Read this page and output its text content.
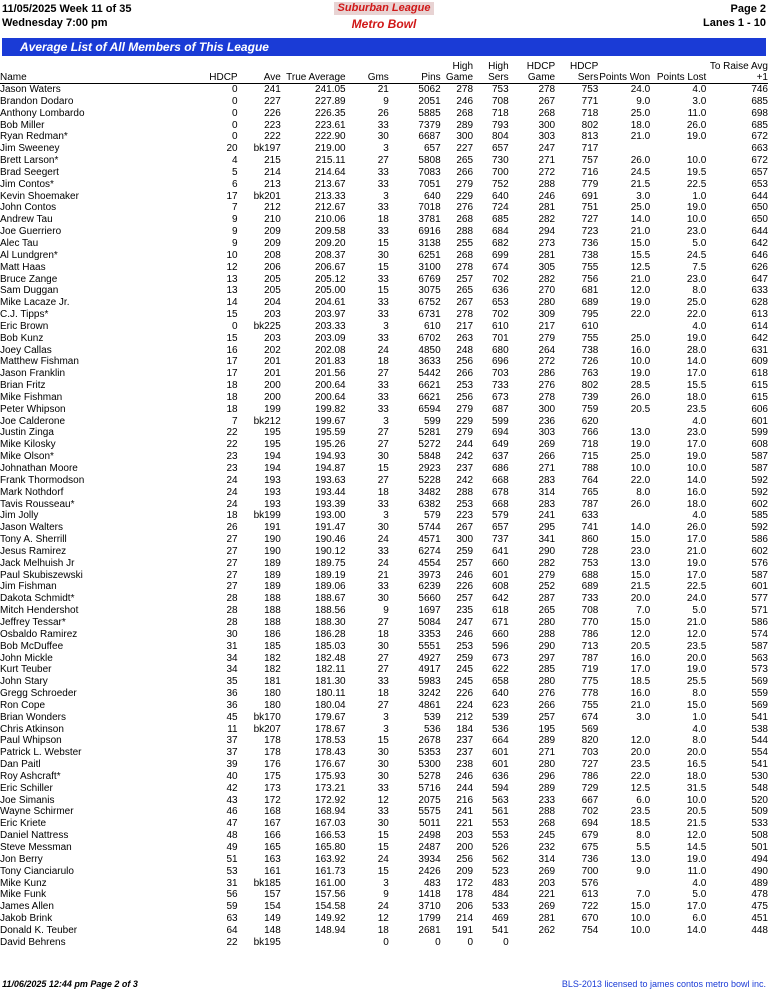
11/05/2025 Week 11 of 35
Wednesday 7:00 pm
Suburban League
Metro Bowl
Page 2
Lanes 1 - 10
Average List of All Members of This League
Name	HDCP	Ave	True Average	Gms	Pins	High Game	High Sers	HDCP Game	HDCP Sers	Points Won	Points Lost	To Raise Avg +1
Jason Waters	0	241	241.05	21	5062	278	753	278	753	24.0	4.0	746
Brandon Dodaro	0	227	227.89	9	2051	246	708	267	771	9.0	3.0	685
Anthony Lombardo	0	226	226.35	26	5885	268	718	268	718	25.0	11.0	698
Bob Miller	0	223	223.61	33	7379	289	793	300	802	18.0	26.0	685
Ryan Redman*	0	222	222.90	30	6687	300	804	303	813	21.0	19.0	672
Jim Sweeney	20	bk197	219.00	3	657	227	657	247	717			663
Brett Larson*	4	215	215.11	27	5808	265	730	271	757	26.0	10.0	672
Brad Seegert	5	214	214.64	33	7083	266	700	272	716	24.5	19.5	657
Jim Contos*	6	213	213.67	33	7051	279	752	288	779	21.5	22.5	653
Kevin Shoemaker	17	bk201	213.33	3	640	229	640	246	691	3.0	1.0	644
John Contos	7	212	212.67	33	7018	276	724	281	751	25.0	19.0	650
Andrew Tau	9	210	210.06	18	3781	268	685	282	727	14.0	10.0	650
Joe Guerriero	9	209	209.58	33	6916	288	684	294	723	21.0	23.0	644
Alec Tau	9	209	209.20	15	3138	255	682	273	736	15.0	5.0	642
Al Lundgren*	10	208	208.37	30	6251	268	699	281	738	15.5	24.5	646
Matt Haas	12	206	206.67	15	3100	278	674	305	755	12.5	7.5	626
Bruce Zange	13	205	205.12	33	6769	257	702	282	756	21.0	23.0	647
Sam Duggan	13	205	205.00	15	3075	265	636	270	681	12.0	8.0	633
Mike Lacaze Jr.	14	204	204.61	33	6752	267	653	280	689	19.0	25.0	628
C.J. Tipps*	15	203	203.97	33	6731	278	702	309	795	22.0	22.0	613
Eric Brown	0	bk225	203.33	3	610	217	610	217	610		4.0	614
Bob Kunz	15	203	203.09	33	6702	263	701	279	755	25.0	19.0	642
Joey Callas	16	202	202.08	24	4850	248	680	264	738	16.0	28.0	631
Matthew Fishman	17	201	201.83	18	3633	256	696	272	726	10.0	14.0	609
Jason Franklin	17	201	201.56	27	5442	266	703	286	763	19.0	17.0	618
Brian Fritz	18	200	200.64	33	6621	253	733	276	802	28.5	15.5	615
Mike Fishman	18	200	200.64	33	6621	256	673	278	739	26.0	18.0	615
Peter Whipson	18	199	199.82	33	6594	279	687	300	759	20.5	23.5	606
Joe Calderone	7	bk212	199.67	3	599	229	599	236	620		4.0	601
Justin Zinga	22	195	195.59	27	5281	279	694	303	766	13.0	23.0	599
Mike Kilosky	22	195	195.26	27	5272	244	649	269	718	19.0	17.0	608
Mike Olson*	23	194	194.93	30	5848	242	637	266	715	25.0	19.0	587
Johnathan Moore	23	194	194.87	15	2923	237	686	271	788	10.0	10.0	587
Frank Thormodson	24	193	193.63	27	5228	242	668	283	764	22.0	14.0	592
Mark Nothdorf	24	193	193.44	18	3482	288	678	314	765	8.0	16.0	592
Tavis Rousseau*	24	193	193.39	33	6382	253	668	283	787	26.0	18.0	602
Jim Jolly	18	bk199	193.00	3	579	223	579	241	633		4.0	585
Jason Walters	26	191	191.47	30	5744	267	657	295	741	14.0	26.0	592
Tony A. Sherrill	27	190	190.46	24	4571	300	737	341	860	15.0	17.0	586
Jesus Ramirez	27	190	190.12	33	6274	259	641	290	728	23.0	21.0	602
Jack Melhuish Jr	27	189	189.75	24	4554	257	660	282	753	13.0	19.0	576
Paul Skubiszewski	27	189	189.19	21	3973	246	601	279	688	15.0	17.0	587
Jim Fishman	27	189	189.06	33	6239	226	608	252	689	21.5	22.5	601
Dakota Schmidt*	28	188	188.67	30	5660	257	642	287	733	20.0	24.0	577
Mitch Hendershot	28	188	188.56	9	1697	235	618	265	708	7.0	5.0	571
Jeffrey Tessar*	28	188	188.30	27	5084	247	671	280	770	15.0	21.0	586
Osbaldo Ramirez	30	186	186.28	18	3353	246	660	288	786	12.0	12.0	574
Bob McDuffee	31	185	185.03	30	5551	253	596	290	713	20.5	23.5	587
John Mickle	34	182	182.48	27	4927	259	673	297	787	16.0	20.0	563
Kurt Teuber	34	182	182.11	27	4917	245	622	285	719	17.0	19.0	573
John Stary	35	181	181.30	33	5983	245	658	280	775	18.5	25.5	569
Gregg Schroeder	36	180	180.11	18	3242	226	640	276	778	16.0	8.0	559
Ron Cope	36	180	180.04	27	4861	224	623	266	755	21.0	15.0	569
Brian Wonders	45	bk170	179.67	3	539	212	539	257	674	3.0	1.0	541
Chris Atkinson	11	bk207	178.67	3	536	184	536	195	569		4.0	538
Paul Whipson	37	178	178.53	15	2678	237	664	289	820	12.0	8.0	544
Patrick L. Webster	37	178	178.43	30	5353	237	601	271	703	20.0	20.0	554
Dan Paitl	39	176	176.67	30	5300	238	601	280	727	23.5	16.5	541
Roy Ashcraft*	40	175	175.93	30	5278	246	636	296	786	22.0	18.0	530
Eric Schiller	42	173	173.21	33	5716	244	594	289	729	12.5	31.5	548
Joe Simanis	43	172	172.92	12	2075	216	563	233	667	6.0	10.0	520
Wayne Schirmer	46	168	168.94	33	5575	241	561	288	702	23.5	20.5	509
Eric Kriete	47	167	167.03	30	5011	221	553	268	694	18.5	21.5	533
Daniel Nattress	48	166	166.53	15	2498	203	553	245	679	8.0	12.0	508
Steve Messman	49	165	165.80	15	2487	200	526	232	675	5.5	14.5	501
Jon Berry	51	163	163.92	24	3934	256	562	314	736	13.0	19.0	494
Tony Cianciarulo	53	161	161.73	15	2426	209	523	269	700	9.0	11.0	490
Mike Kunz	31	bk185	161.00	3	483	172	483	203	576		4.0	489
Mike Funk	56	157	157.56	9	1418	178	484	221	613	7.0	5.0	478
James Allen	59	154	154.58	24	3710	206	533	269	722	15.0	17.0	475
Jakob Brink	63	149	149.92	12	1799	214	469	281	670	10.0	6.0	451
Donald K. Teuber	64	148	148.94	18	2681	191	541	262	754	10.0	14.0	448
David Behrens	22	bk195		0	0	0	0					
11/06/2025 12:44 pm Page 2 of 3	BLS-2013 licensed to james contos metro bowl inc.
